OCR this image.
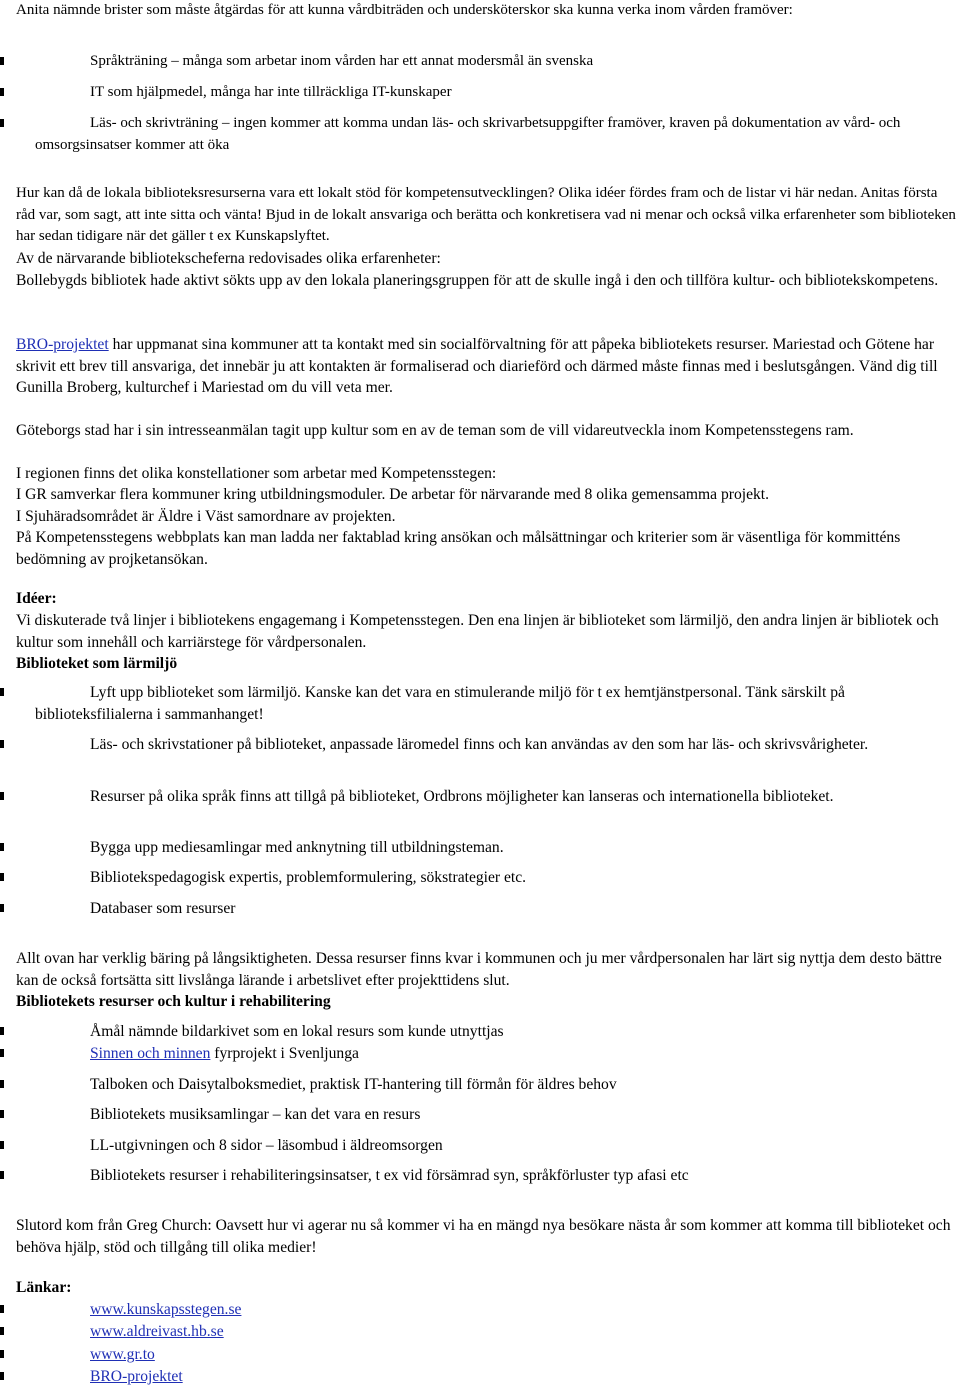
Anita nämnde brister som måste åtgärdas för att kunna vårdbiträden och undersköterskor ska kunna verka inom vården framöver:

Språkträning – många som arbetar inom vården har ett annat modersmål än svenska
IT som hjälpmedel, många har inte tillräckliga IT-kunskaper
Läs- och skrivträning – ingen kommer att komma undan läs- och skrivarbetsuppgifter framöver, kraven på dokumentation av vård- och omsorgsinsatser kommer att öka

Hur kan då de lokala biblioteksresurserna vara ett lokalt stöd för kompetensutvecklingen? Olika idéer fördes fram och de listar vi här nedan. Anitas första råd var, som sagt, att inte sitta och vänta! Bjud in de lokalt ansvariga och berätta och konkretisera vad ni menar och också vilka erfarenheter som biblioteken har sedan tidigare när det gäller t ex Kunskapslyftet.

Av de närvarande bibliotekscheferna redovisades olika erfarenheter:

Bollebygds bibliotek hade aktivt sökts upp av den lokala planeringsgruppen för att de skulle ingå i den och tillföra kultur- och bibliotekskompetens.

BRO-projektet har uppmanat sina kommuner att ta kontakt med sin socialförvaltning för att påpeka bibliotekets resurser. Mariestad och Götene har skrivit ett brev till ansvariga, det innebär ju att kontakten är formaliserad och diarieförd och därmed måste finnas med i beslutsgången. Vänd dig till Gunilla Broberg, kulturchef i Mariestad om du vill veta mer.

Göteborgs stad har i sin intresseanmälan tagit upp kultur som en av de teman som de vill vidareutveckla inom Kompetensstegens ram.

I regionen finns det olika konstellationer som arbetar med Kompetensstegen:

I GR samverkar flera kommuner kring utbildningsmoduler. De arbetar för närvarande med 8 olika gemensamma projekt.

I Sjuhäradsområdet är Äldre i Väst samordnare av projekten.

På Kompetensstegens webbplats kan man ladda ner faktablad kring ansökan och målsättningar och kriterier som är väsentliga för kommitténs bedömning av projketansökan.

Idéer:

Vi diskuterade två linjer i bibliotekens engagemang i Kompetensstegen. Den ena linjen är biblioteket som lärmiljö, den andra linjen är bibliotek och kultur som innehåll och karriärstege för vårdpersonalen.

Biblioteket som lärmiljö
Lyft upp biblioteket som lärmiljö. Kanske kan det vara en stimulerande miljö för t ex hemtjänstpersonal. Tänk särskilt på biblioteksfilialerna i sammanhanget!
Läs- och skrivstationer på biblioteket, anpassade läromedel finns och kan användas av den som har läs- och skrivsvårigheter.
Resurser på olika språk finns att tillgå på biblioteket, Ordbrons möjligheter kan lanseras och internationella biblioteket.
Bygga upp mediesamlingar med anknytning till utbildningsteman.
Bibliotekspedagogisk expertis, problemformulering, sökstrategier etc.
Databaser som resurser

Allt ovan har verklig bäring på långsiktigheten. Dessa resurser finns kvar i kommunen och ju mer vårdpersonalen har lärt sig nyttja dem desto bättre kan de också fortsätta sitt livslånga lärande i arbetslivet efter projekttidens slut.

Bibliotekets resurser och kultur i rehabilitering
Åmål nämnde bildarkivet som en lokal resurs som kunde utnyttjas
Sinnen och minnen fyrprojekt i Svenljunga
Talboken och Daisytalboksmediet, praktisk IT-hantering till förmån för äldres behov
Bibliotekets musiksamlingar – kan det vara en resurs
LL-utgivningen och 8 sidor – läsombud i äldreomsorgen
Bibliotekets resurser i rehabiliteringsinsatser, t ex vid försämrad syn, språkförluster typ afasi etc

Slutord kom från Greg Church: Oavsett hur vi agerar nu så kommer vi ha en mängd nya besökare nästa år som kommer att komma till biblioteket och behöva hjälp, stöd och tillgång till olika medier!

Länkar:
www.kunskapsstegen.se
www.aldreivast.hb.se
www.gr.to
BRO-projektet
